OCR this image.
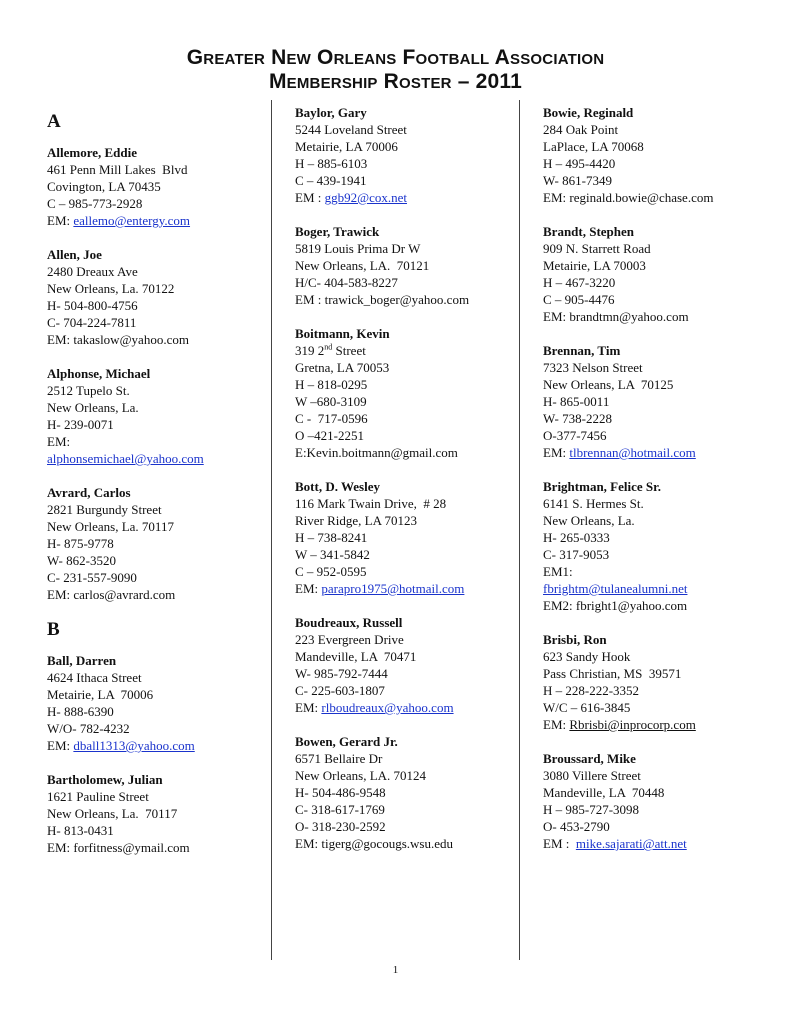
Greater New Orleans Football Association
Membership Roster – 2011
A
Allemore, Eddie
461 Penn Mill Lakes  Blvd
Covington, LA 70435
C – 985-773-2928
EM: eallemo@entergy.com
Allen, Joe
2480 Dreaux Ave
New Orleans, La. 70122
H- 504-800-4756
C- 704-224-7811
EM: takaslow@yahoo.com
Alphonse, Michael
2512 Tupelo St.
New Orleans, La.
H- 239-0071
EM:
alphonsemichael@yahoo.com
Avrard, Carlos
2821 Burgundy Street
New Orleans, La. 70117
H- 875-9778
W- 862-3520
C- 231-557-9090
EM: carlos@avrard.com
B
Ball, Darren
4624 Ithaca Street
Metairie, LA  70006
H- 888-6390
W/O- 782-4232
EM: dball1313@yahoo.com
Bartholomew, Julian
1621 Pauline Street
New Orleans, La.  70117
H- 813-0431
EM: forfitness@ymail.com
Baylor, Gary
5244 Loveland Street
Metairie, LA 70006
H – 885-6103
C – 439-1941
EM : ggb92@cox.net
Boger, Trawick
5819 Louis Prima Dr W
New Orleans, LA.  70121
H/C- 404-583-8227
EM : trawick_boger@yahoo.com
Boitmann, Kevin
319 2nd Street
Gretna, LA 70053
H – 818-0295
W –680-3109
C -  717-0596
O –421-2251
E:Kevin.boitmann@gmail.com
Bott, D. Wesley
116 Mark Twain Drive,  # 28
River Ridge, LA 70123
H – 738-8241
W – 341-5842
C – 952-0595
EM: parapro1975@hotmail.com
Boudreaux, Russell
223 Evergreen Drive
Mandeville, LA  70471
W- 985-792-7444
C- 225-603-1807
EM: rlboudreaux@yahoo.com
Bowen, Gerard Jr.
6571 Bellaire Dr
New Orleans, LA. 70124
H- 504-486-9548
C- 318-617-1769
O- 318-230-2592
EM: tigerg@gocougs.wsu.edu
Bowie, Reginald
284 Oak Point
LaPlace, LA 70068
H – 495-4420
W- 861-7349
EM: reginald.bowie@chase.com
Brandt, Stephen
909 N. Starrett Road
Metairie, LA 70003
H – 467-3220
C – 905-4476
EM: brandtmn@yahoo.com
Brennan, Tim
7323 Nelson Street
New Orleans, LA  70125
H- 865-0011
W- 738-2228
O-377-7456
EM: tlbrennan@hotmail.com
Brightman, Felice Sr.
6141 S. Hermes St.
New Orleans, La.
H- 265-0333
C- 317-9053
EM1:
fbrightm@tulanealumni.net
EM2: fbright1@yahoo.com
Brisbi, Ron
623 Sandy Hook
Pass Christian, MS  39571
H – 228-222-3352
W/C – 616-3845
EM: Rbrisbi@inprocorp.com
Broussard, Mike
3080 Villere Street
Mandeville, LA  70448
H – 985-727-3098
O- 453-2790
EM :  mike.sajarati@att.net
1
